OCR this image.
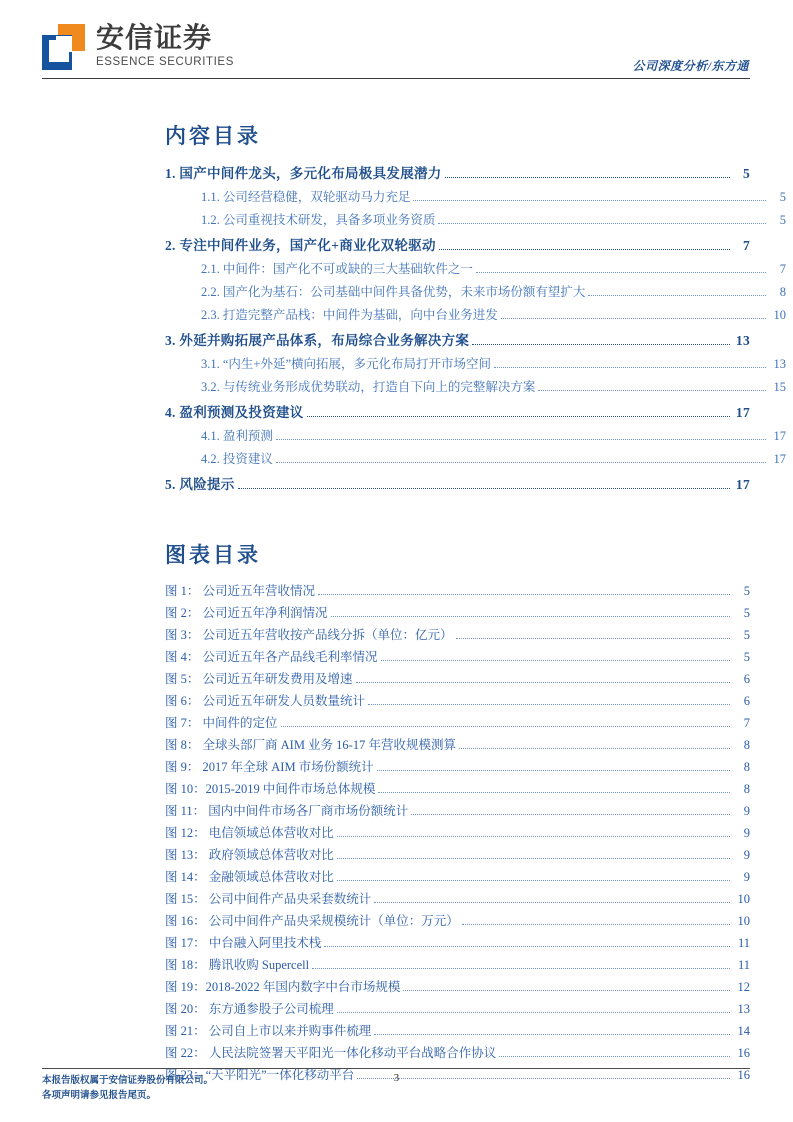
安信证券
ESSENCE SECURITIES	公司深度分析/东方通
内容目录
1. 国产中间件龙头，多元化布局极具发展潜力	5
1.1. 公司经营稳健，双轮驱动马力充足	5
1.2. 公司重视技术研发，具备多项业务资质	5
2. 专注中间件业务，国产化+商业化双轮驱动	7
2.1. 中间件：国产化不可或缺的三大基础软件之一	7
2.2. 国产化为基石：公司基础中间件具备优势，未来市场份额有望扩大	8
2.3. 打造完整产品栈：中间件为基础，向中台业务进发	10
3. 外延并购拓展产品体系，布局综合业务解决方案	13
3.1. “内生+外延”横向拓展，多元化布局打开市场空间	13
3.2. 与传统业务形成优势联动，打造自下向上的完整解决方案	15
4. 盈利预测及投资建议	17
4.1. 盈利预测	17
4.2. 投资建议	17
5. 风险提示	17
图表目录
图 1： 公司近五年营收情况	5
图 2： 公司近五年净利润情况	5
图 3： 公司近五年营收按产品线分拆（单位：亿元）	5
图 4： 公司近五年各产品线毛利率情况	5
图 5： 公司近五年研发费用及增速	6
图 6： 公司近五年研发人员数量统计	6
图 7： 中间件的定位	7
图 8： 全球头部厂商 AIM 业务 16-17 年营收规模测算	8
图 9： 2017 年全球 AIM 市场份额统计	8
图 10：2015-2019 中间件市场总体规模	8
图 11： 国内中间件市场各厂商市场份额统计	9
图 12： 电信领域总体营收对比	9
图 13： 政府领域总体营收对比	9
图 14： 金融领域总体营收对比	9
图 15： 公司中间件产品央采套数统计	10
图 16： 公司中间件产品央采规模统计（单位：万元）	10
图 17： 中台融入阿里技术栈	11
图 18： 腾讯收购 Supercell	11
图 19：2018-2022 年国内数字中台市场规模	12
图 20： 东方通参股子公司梳理	13
图 21： 公司自上市以来并购事件梳理	14
图 22： 人民法院签署天平阳光一体化移动平台战略合作协议	16
图 23：“天平阳光”一体化移动平台	16
本报告版权属于安信证券股份有限公司。
各项声明请参见报告尾页。
3
